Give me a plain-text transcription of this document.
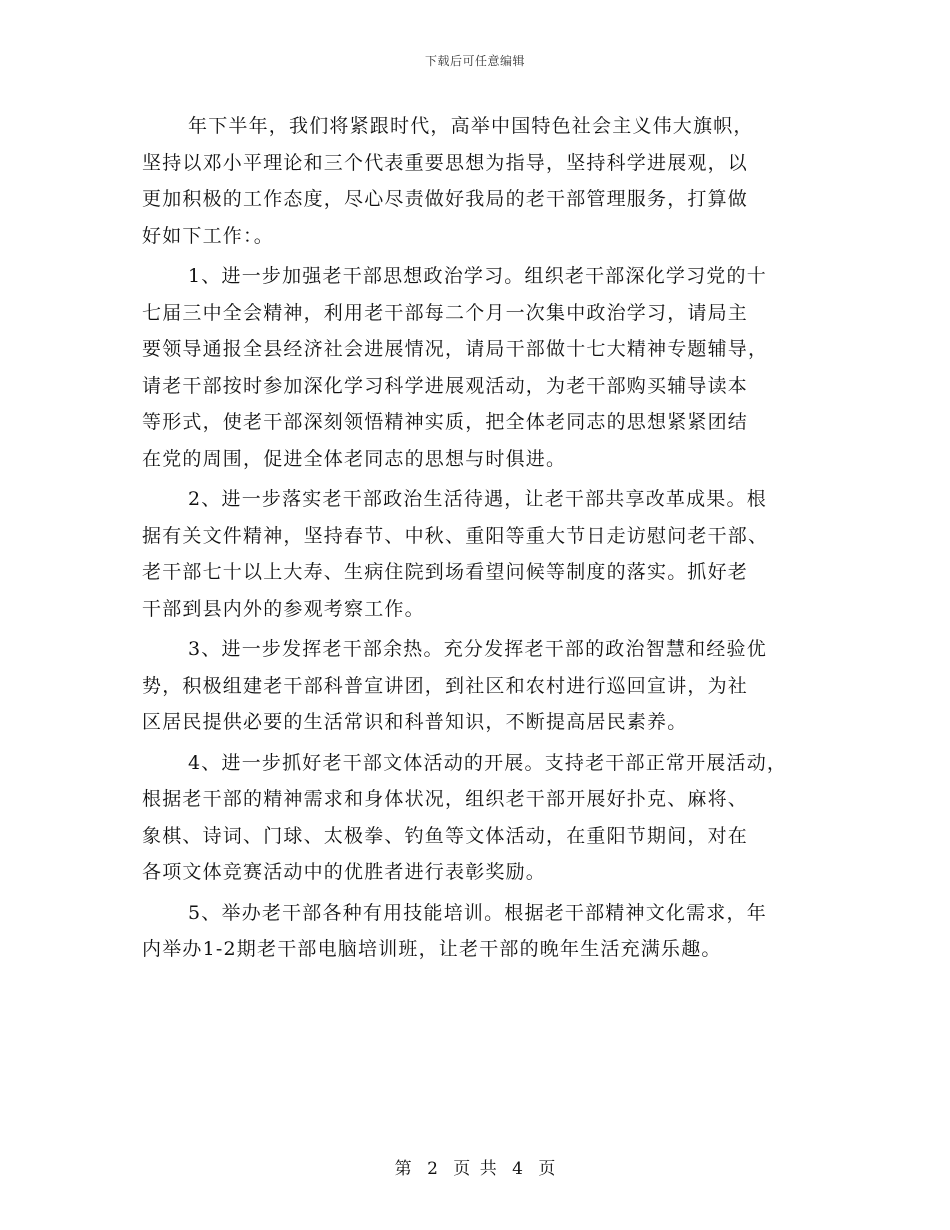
下载后可任意编辑
年下半年，我们将紧跟时代，高举中国特色社会主义伟大旗帜，
坚持以邓小平理论和三个代表重要思想为指导，坚持科学进展观，以
更加积极的工作态度，尽心尽责做好我局的老干部管理服务，打算做
好如下工作：。
1、进一步加强老干部思想政治学习。组织老干部深化学习党的十
七届三中全会精神，利用老干部每二个月一次集中政治学习，请局主
要领导通报全县经济社会进展情况，请局干部做十七大精神专题辅导，
请老干部按时参加深化学习科学进展观活动，为老干部购买辅导读本
等形式，使老干部深刻领悟精神实质，把全体老同志的思想紧紧团结
在党的周围，促进全体老同志的思想与时俱进。
2、进一步落实老干部政治生活待遇，让老干部共享改革成果。根
据有关文件精神，坚持春节、中秋、重阳等重大节日走访慰问老干部、
老干部七十以上大寿、生病住院到场看望问候等制度的落实。抓好老
干部到县内外的参观考察工作。
3、进一步发挥老干部余热。充分发挥老干部的政治智慧和经验优
势，积极组建老干部科普宣讲团，到社区和农村进行巡回宣讲，为社
区居民提供必要的生活常识和科普知识，不断提高居民素养。
4、进一步抓好老干部文体活动的开展。支持老干部正常开展活动，
根据老干部的精神需求和身体状况，组织老干部开展好扑克、麻将、
象棋、诗词、门球、太极拳、钓鱼等文体活动，在重阳节期间，对在
各项文体竞赛活动中的优胜者进行表彰奖励。
5、举办老干部各种有用技能培训。根据老干部精神文化需求，年
内举办1-2期老干部电脑培训班，让老干部的晚年生活充满乐趣。
第 2 页 共 4 页
